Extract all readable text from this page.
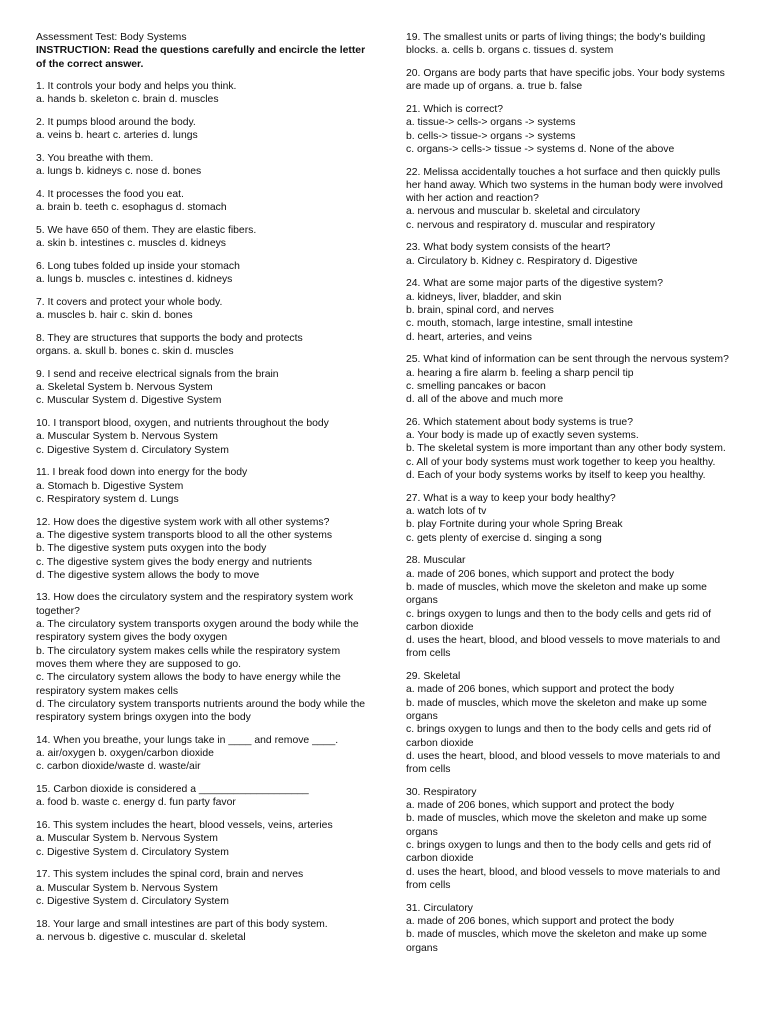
Assessment Test: Body Systems
INSTRUCTION: Read the questions carefully and encircle the letter of the correct answer.
1. It controls your body and helps you think.
a. hands b. skeleton c. brain d. muscles
2. It pumps blood around the body.
a. veins b. heart c. arteries d. lungs
3. You breathe with them.
a. lungs b. kidneys c. nose d. bones
4. It processes the food you eat.
a. brain b. teeth c. esophagus d. stomach
5. We have 650 of them. They are elastic fibers.
a. skin b. intestines c. muscles d. kidneys
6. Long tubes folded up inside your stomach
a. lungs b. muscles c. intestines d. kidneys
7. It covers and protect your whole body.
a. muscles b. hair c. skin d. bones
8. They are structures that supports the body and protects
organs. a. skull b. bones c. skin d. muscles
9. I send and receive electrical signals from the brain
a. Skeletal System b. Nervous System
c. Muscular System d. Digestive System
10. I transport blood, oxygen, and nutrients throughout the body
a. Muscular System b. Nervous System
c. Digestive System d. Circulatory System
11. I break food down into energy for the body
a. Stomach b. Digestive System
c. Respiratory system d. Lungs
12. How does the digestive system work with all other systems?
a. The digestive system transports blood to all the other systems
b. The digestive system puts oxygen into the body
c. The digestive system gives the body energy and nutrients
d. The digestive system allows the body to move
13. How does the circulatory system and the respiratory system work together?
a. The circulatory system transports oxygen around the body while the respiratory system gives the body oxygen
b. The circulatory system makes cells while the respiratory system moves them where they are supposed to go.
c. The circulatory system allows the body to have energy while the respiratory system makes cells
d. The circulatory system transports nutrients around the body while the respiratory system brings oxygen into the body
14. When you breathe, your lungs take in ____ and remove ____.
a. air/oxygen b. oxygen/carbon dioxide
c. carbon dioxide/waste d. waste/air
15. Carbon dioxide is considered a ___________________
a. food b. waste c. energy d. fun party favor
16. This system includes the heart, blood vessels, veins, arteries
a. Muscular System b. Nervous System
c. Digestive System d. Circulatory System
17. This system includes the spinal cord, brain and nerves
a. Muscular System b. Nervous System
c. Digestive System d. Circulatory System
18. Your large and small intestines are part of this body system.
a. nervous b. digestive c. muscular d. skeletal
19. The smallest units or parts of living things; the body's building blocks. a. cells b. organs c. tissues d. system
20. Organs are body parts that have specific jobs. Your body systems are made up of organs. a. true b. false
21. Which is correct?
a. tissue-> cells-> organs -> systems
b. cells-> tissue-> organs -> systems
c. organs-> cells-> tissue -> systems d. None of the above
22. Melissa accidentally touches a hot surface and then quickly pulls her hand away. Which two systems in the human body were involved with her action and reaction?
a. nervous and muscular b. skeletal and circulatory
c. nervous and respiratory d. muscular and respiratory
23. What body system consists of the heart?
a. Circulatory b. Kidney c. Respiratory d. Digestive
24. What are some major parts of the digestive system?
a. kidneys, liver, bladder, and skin
b. brain, spinal cord, and nerves
c. mouth, stomach, large intestine, small intestine
d. heart, arteries, and veins
25. What kind of information can be sent through the nervous system? a. hearing a fire alarm b. feeling a sharp pencil tip
c. smelling pancakes or bacon
d. all of the above and much more
26. Which statement about body systems is true?
a. Your body is made up of exactly seven systems.
b. The skeletal system is more important than any other body system.
c. All of your body systems must work together to keep you healthy.
d. Each of your body systems works by itself to keep you healthy.
27. What is a way to keep your body healthy?
a. watch lots of tv
b. play Fortnite during your whole Spring Break
c. gets plenty of exercise d. singing a song
28. Muscular
a. made of 206 bones, which support and protect the body
b. made of muscles, which move the skeleton and make up some organs
c. brings oxygen to lungs and then to the body cells and gets rid of carbon dioxide
d. uses the heart, blood, and blood vessels to move materials to and from cells
29. Skeletal
a. made of 206 bones, which support and protect the body
b. made of muscles, which move the skeleton and make up some organs
c. brings oxygen to lungs and then to the body cells and gets rid of carbon dioxide
d. uses the heart, blood, and blood vessels to move materials to and from cells
30. Respiratory
a. made of 206 bones, which support and protect the body
b. made of muscles, which move the skeleton and make up some organs
c. brings oxygen to lungs and then to the body cells and gets rid of carbon dioxide
d. uses the heart, blood, and blood vessels to move materials to and from cells
31. Circulatory
a. made of 206 bones, which support and protect the body
b. made of muscles, which move the skeleton and make up some organs
